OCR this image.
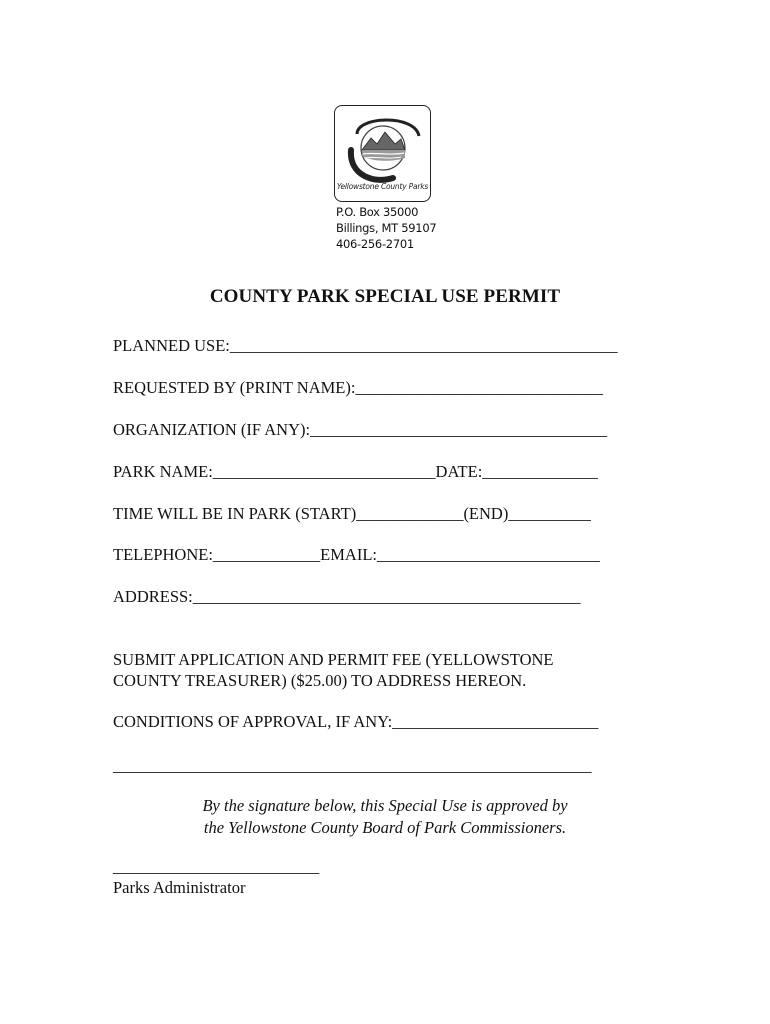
Yellowstone County Parks
P.O. Box 35000
Billings, MT 59107
406-256-2701
COUNTY PARK SPECIAL USE PERMIT
PLANNED USE:_______________________________________________
REQUESTED BY (PRINT NAME):______________________________
ORGANIZATION (IF ANY):____________________________________
PARK NAME:___________________________DATE:______________
TIME WILL BE IN PARK (START)_____________(END)__________
TELEPHONE:_____________EMAIL:___________________________
ADDRESS:_______________________________________________
SUBMIT APPLICATION AND PERMIT FEE (YELLOWSTONE
COUNTY TREASURER) ($25.00) TO ADDRESS HEREON.
CONDITIONS OF APPROVAL, IF ANY:_________________________
__________________________________________________________
By the signature below, this Special Use is approved by
the Yellowstone County Board of Park Commissioners.
_________________________
Parks Administrator
